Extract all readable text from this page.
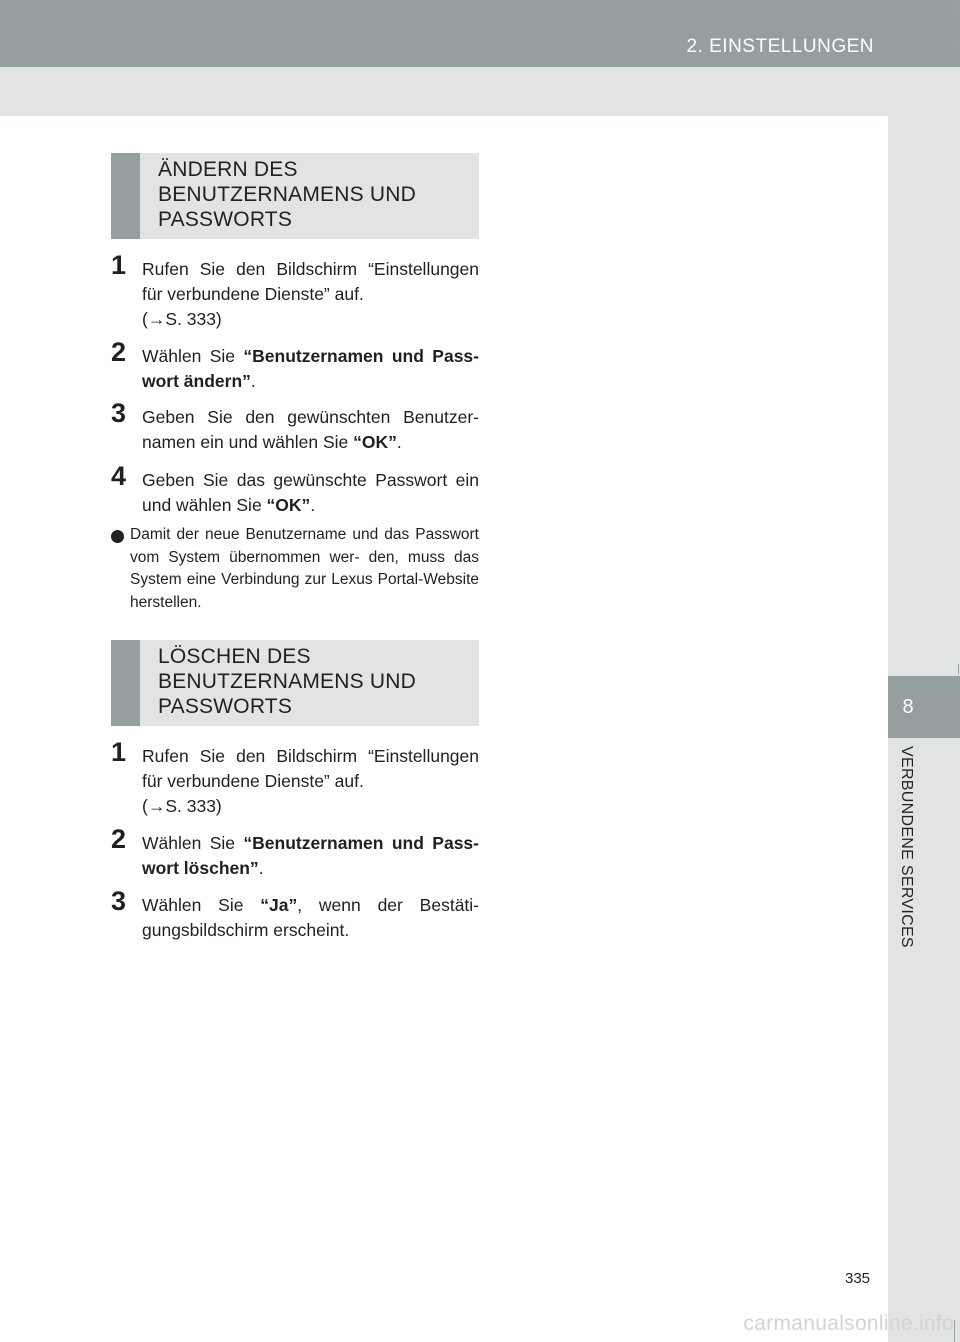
2. EINSTELLUNGEN
8
VERBUNDENE SERVICES
ÄNDERN DES BENUTZERNAMENS UND PASSWORTS
1 Rufen Sie den Bildschirm “Einstellungen für verbundene Dienste” auf.
(→S. 333)
2 Wählen Sie “Benutzernamen und Pass- wort ändern”.
3 Geben Sie den gewünschten Benutzer- namen ein und wählen Sie “OK”.
4 Geben Sie das gewünschte Passwort ein und wählen Sie “OK”.
Damit der neue Benutzername und das Passwort vom System übernommen wer- den, muss das System eine Verbindung zur Lexus Portal-Website herstellen.
LÖSCHEN DES BENUTZERNAMENS UND PASSWORTS
1 Rufen Sie den Bildschirm “Einstellungen für verbundene Dienste” auf.
(→S. 333)
2 Wählen Sie “Benutzernamen und Pass- wort löschen”.
3 Wählen Sie “Ja”, wenn der Bestäti- gungsbildschirm erscheint.
335
carmanualsonline.info
